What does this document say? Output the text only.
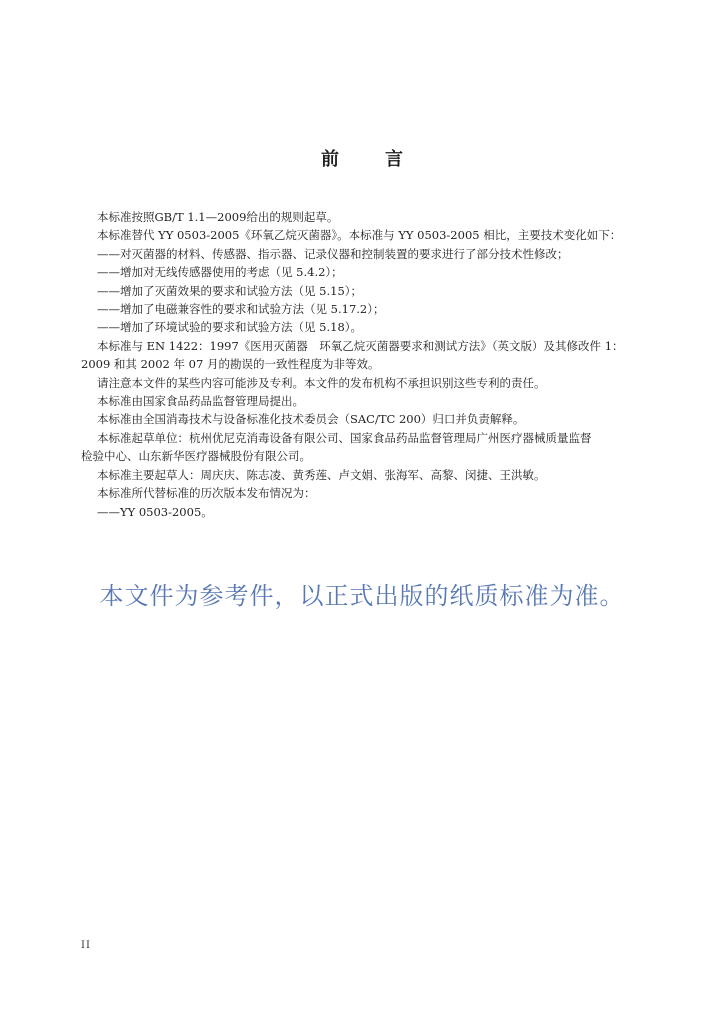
前　言

本标准按照GB/T 1.1—2009给出的规则起草。

本标准替代 YY 0503-2005《环氧乙烷灭菌器》。本标准与 YY 0503-2005 相比，主要技术变化如下：

——对灭菌器的材料、传感器、指示器、记录仪器和控制装置的要求进行了部分技术性修改；

——增加对无线传感器使用的考虑（见 5.4.2）；

——增加了灭菌效果的要求和试验方法（见 5.15）；

——增加了电磁兼容性的要求和试验方法（见 5.17.2）；

——增加了环境试验的要求和试验方法（见 5.18）。

本标准与 EN 1422：1997《医用灭菌器　环氧乙烷灭菌器要求和测试方法》（英文版）及其修改件 1：

2009 和其 2002 年 07 月的勘误的一致性程度为非等效。

请注意本文件的某些内容可能涉及专利。本文件的发布机构不承担识别这些专利的责任。

本标准由国家食品药品监督管理局提出。

本标准由全国消毒技术与设备标准化技术委员会（SAC/TC 200）归口并负责解释。

本标准起草单位：杭州优尼克消毒设备有限公司、国家食品药品监督管理局广州医疗器械质量监督

检验中心、山东新华医疗器械股份有限公司。

本标准主要起草人：周庆庆、陈志凌、黄秀莲、卢文娟、张海军、高黎、闵捷、王洪敏。

本标准所代替标准的历次版本发布情况为：

——YY 0503-2005。

本文件为参考件，以正式出版的纸质标准为准。
II
